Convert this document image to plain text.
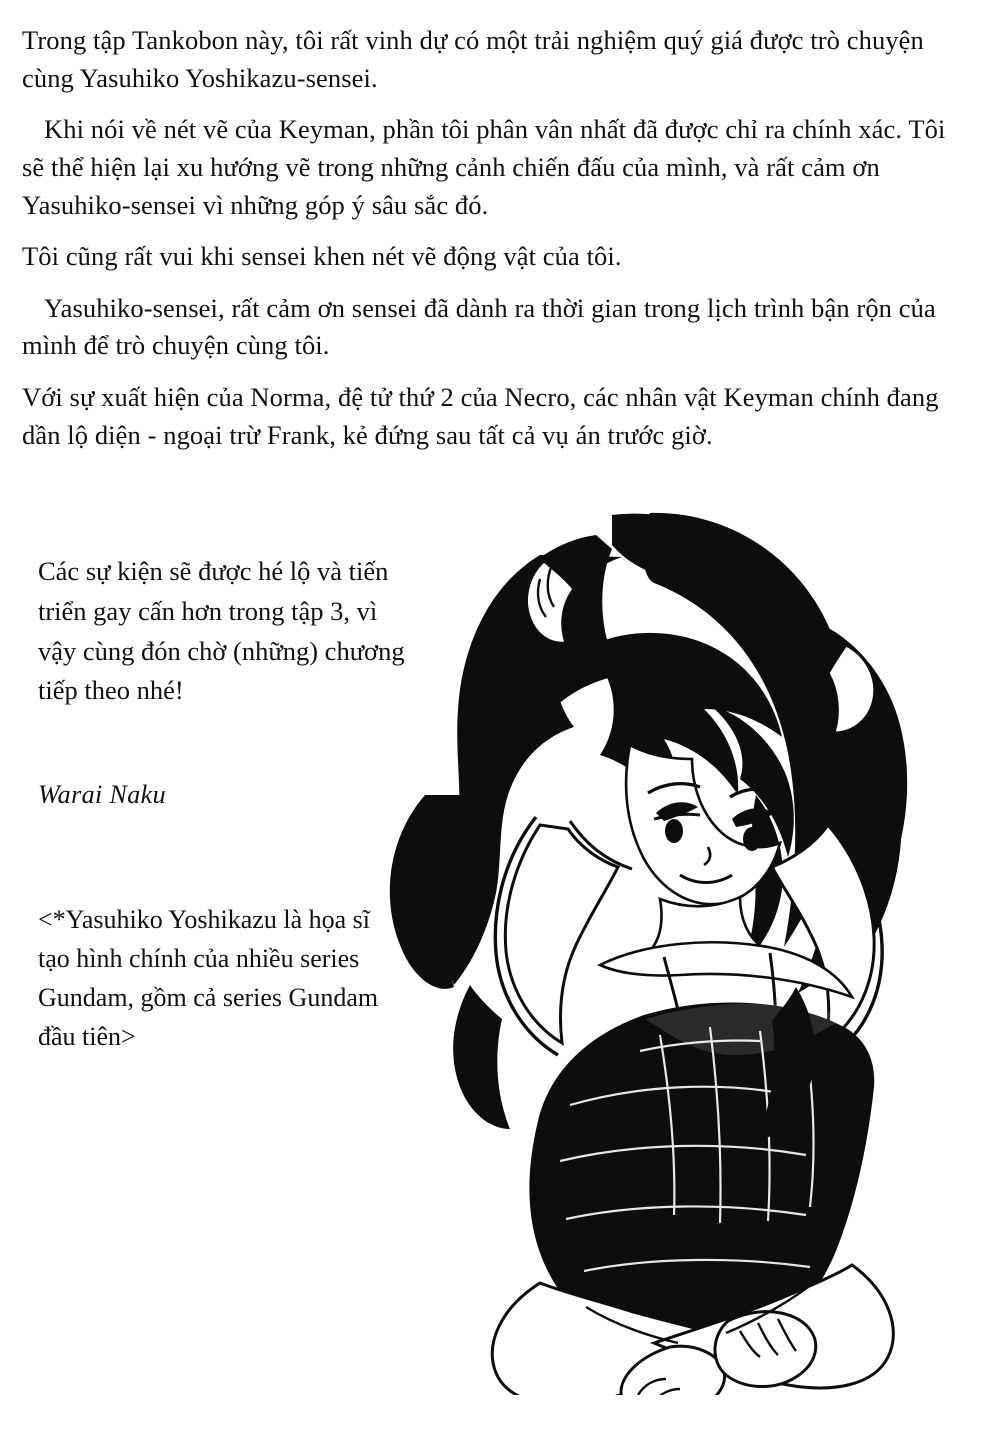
Trong tập Tankobon này, tôi rất vinh dự có một trải nghiệm quý giá được trò chuyện cùng Yasuhiko Yoshikazu-sensei.

Khi nói về nét vẽ của Keyman, phần tôi phân vân nhất đã được chỉ ra chính xác. Tôi sẽ thể hiện lại xu hướng vẽ trong những cảnh chiến đấu của mình, và rất cảm ơn Yasuhiko-sensei vì những góp ý sâu sắc đó.

Tôi cũng rất vui khi sensei khen nét vẽ động vật của tôi.

Yasuhiko-sensei, rất cảm ơn sensei đã dành ra thời gian trong lịch trình bận rộn của mình để trò chuyện cùng tôi.

Với sự xuất hiện của Norma, đệ tử thứ 2 của Necro, các nhân vật Keyman chính đang dần lộ diện - ngoại trừ Frank, kẻ đứng sau tất cả vụ án trước giờ.

Các sự kiện sẽ được hé lộ và tiến triển gay cấn hơn trong tập 3, vì vậy cùng đón chờ (những) chương tiếp theo nhé!

Warai Naku

<*Yasuhiko Yoshikazu là họa sĩ tạo hình chính của nhiều series Gundam, gồm cả series Gundam đầu tiên>
